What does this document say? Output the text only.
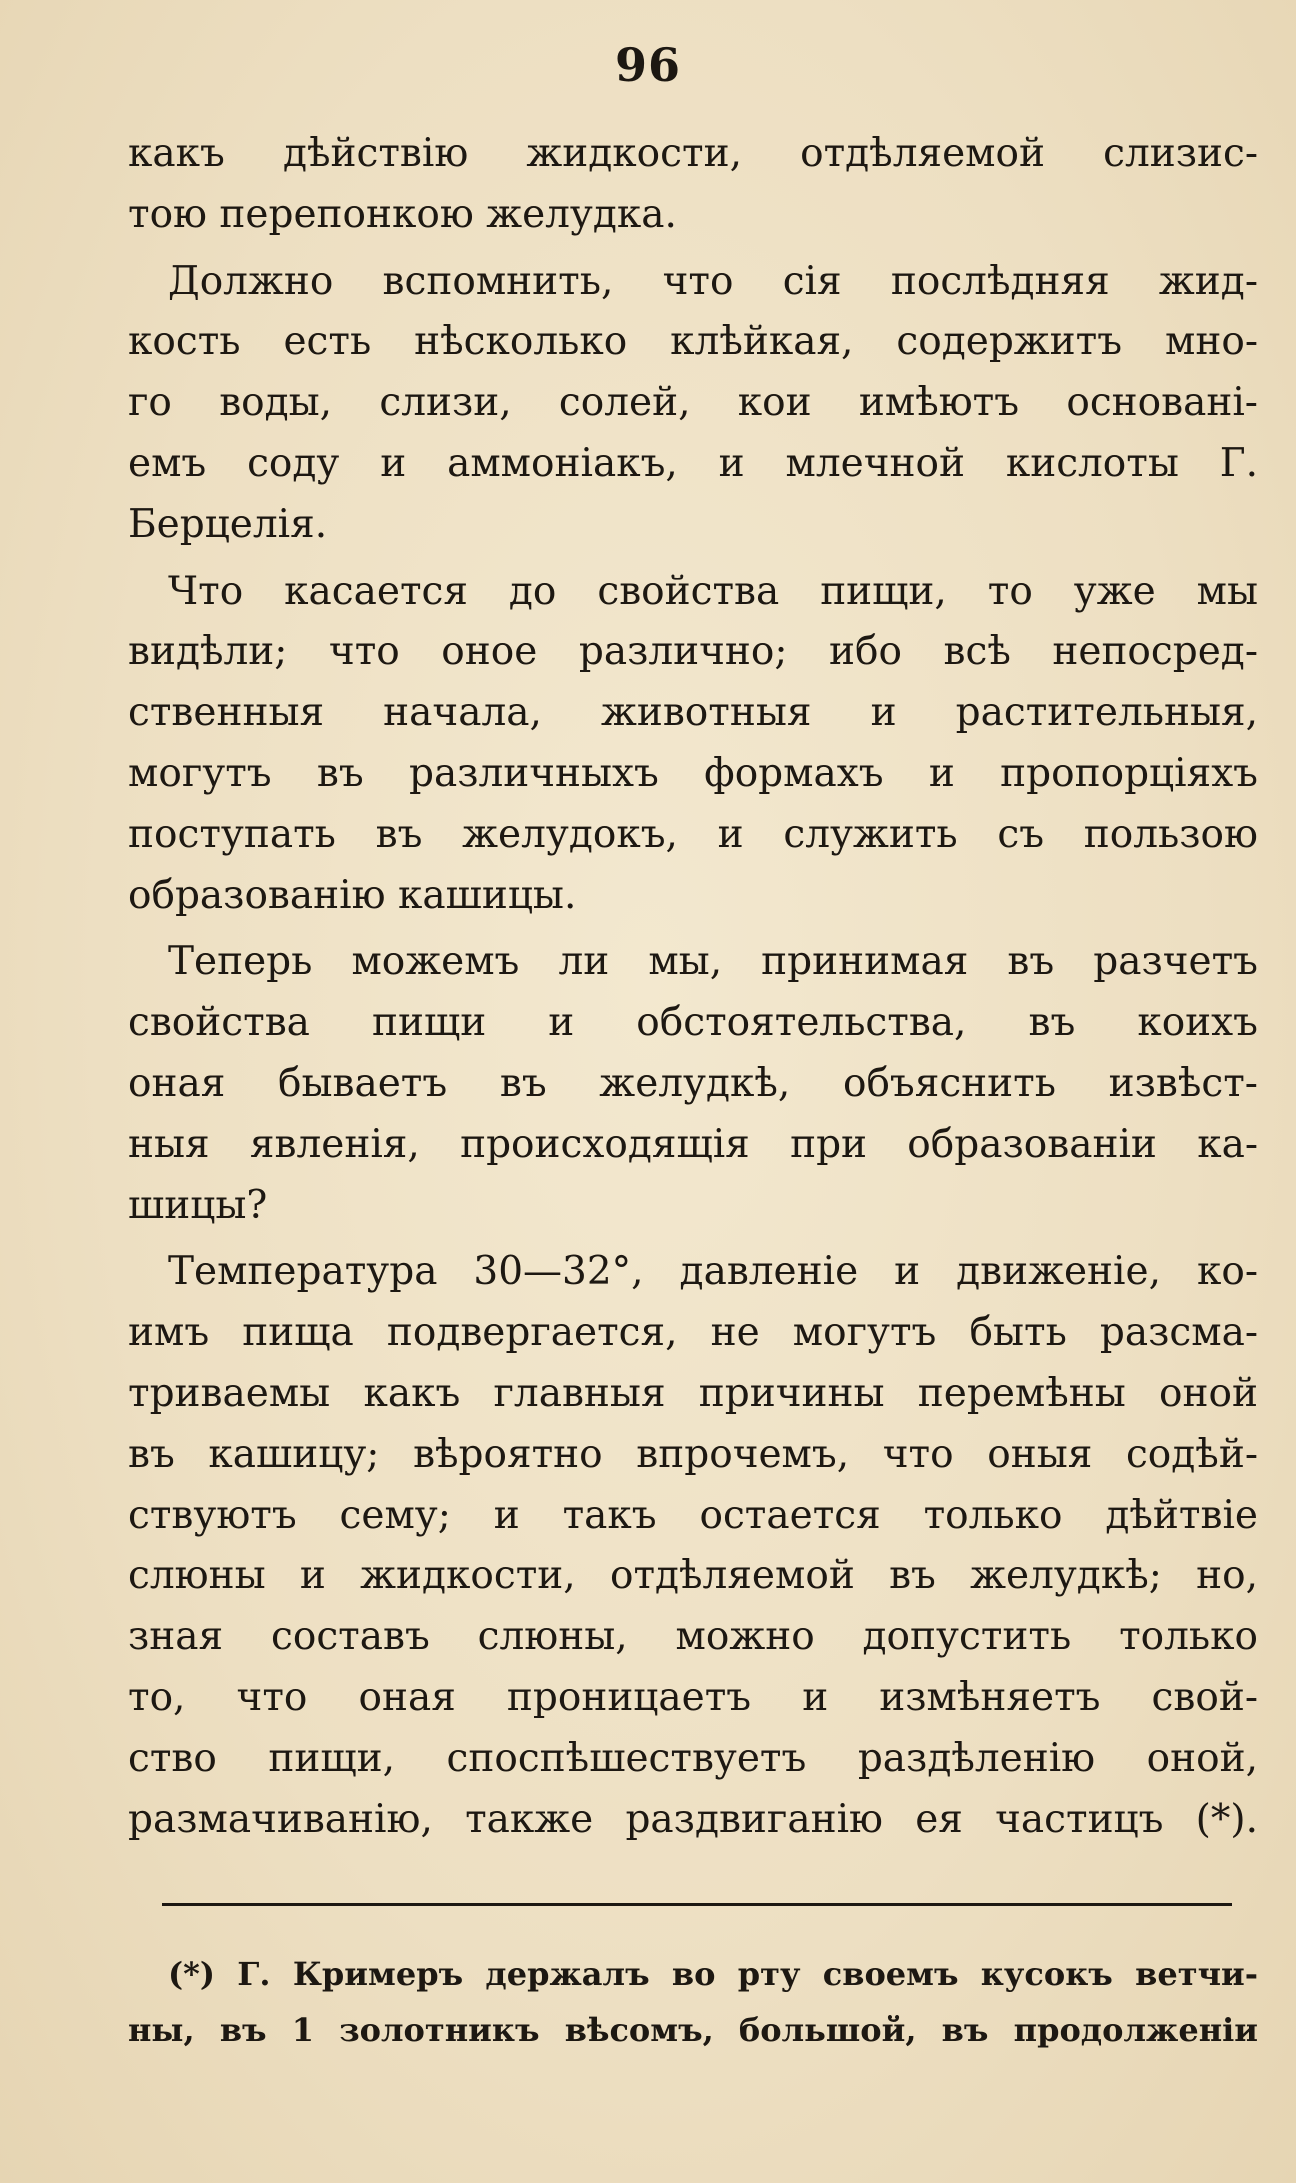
96
какъ дѣйствію жидкости, отдѣляемой слизис-
тою перепонкою желудка.
Должно вспомнить, что сія послѣдняя жид-
кость есть нѣсколько клѣйкая, содержитъ мно-
го воды, слизи, солей, кои имѣютъ основані-
емъ соду и аммоніакъ, и млечной кислоты Г.
Берцелія.
Что касается до свойства пищи, то уже мы
видѣли; что оное различно; ибо всѣ непосред-
ственныя начала, животныя и растительныя,
могутъ въ различныхъ формахъ и пропорціяхъ
поступать въ желудокъ, и служить съ пользою
образованію кашицы.
Теперь можемъ ли мы, принимая въ разчетъ
свойства пищи и обстоятельства, въ коихъ
оная бываетъ въ желудкѣ, объяснить извѣст-
ныя явленія, происходящія при образованіи ка-
шицы?
Температура 30—32°, давленіе и движеніе, ко-
имъ пища подвергается, не могутъ быть разсма-
триваемы какъ главныя причины перемѣны оной
въ кашицу; вѣроятно впрочемъ, что оныя содѣй-
ствуютъ сему; и такъ остается только дѣйтвіе
слюны и жидкости, отдѣляемой въ желудкѣ; но,
зная составъ слюны, можно допустить только
то, что оная проницаетъ и измѣняетъ свой-
ство пищи, споспѣшествуетъ раздѣленію оной,
размачиванію, также раздвиганію ея частицъ (*).
(*) Г. Кримеръ держалъ во рту своемъ кусокъ ветчи-
ны, въ 1 золотникъ вѣсомъ, большой, въ продолженіи
